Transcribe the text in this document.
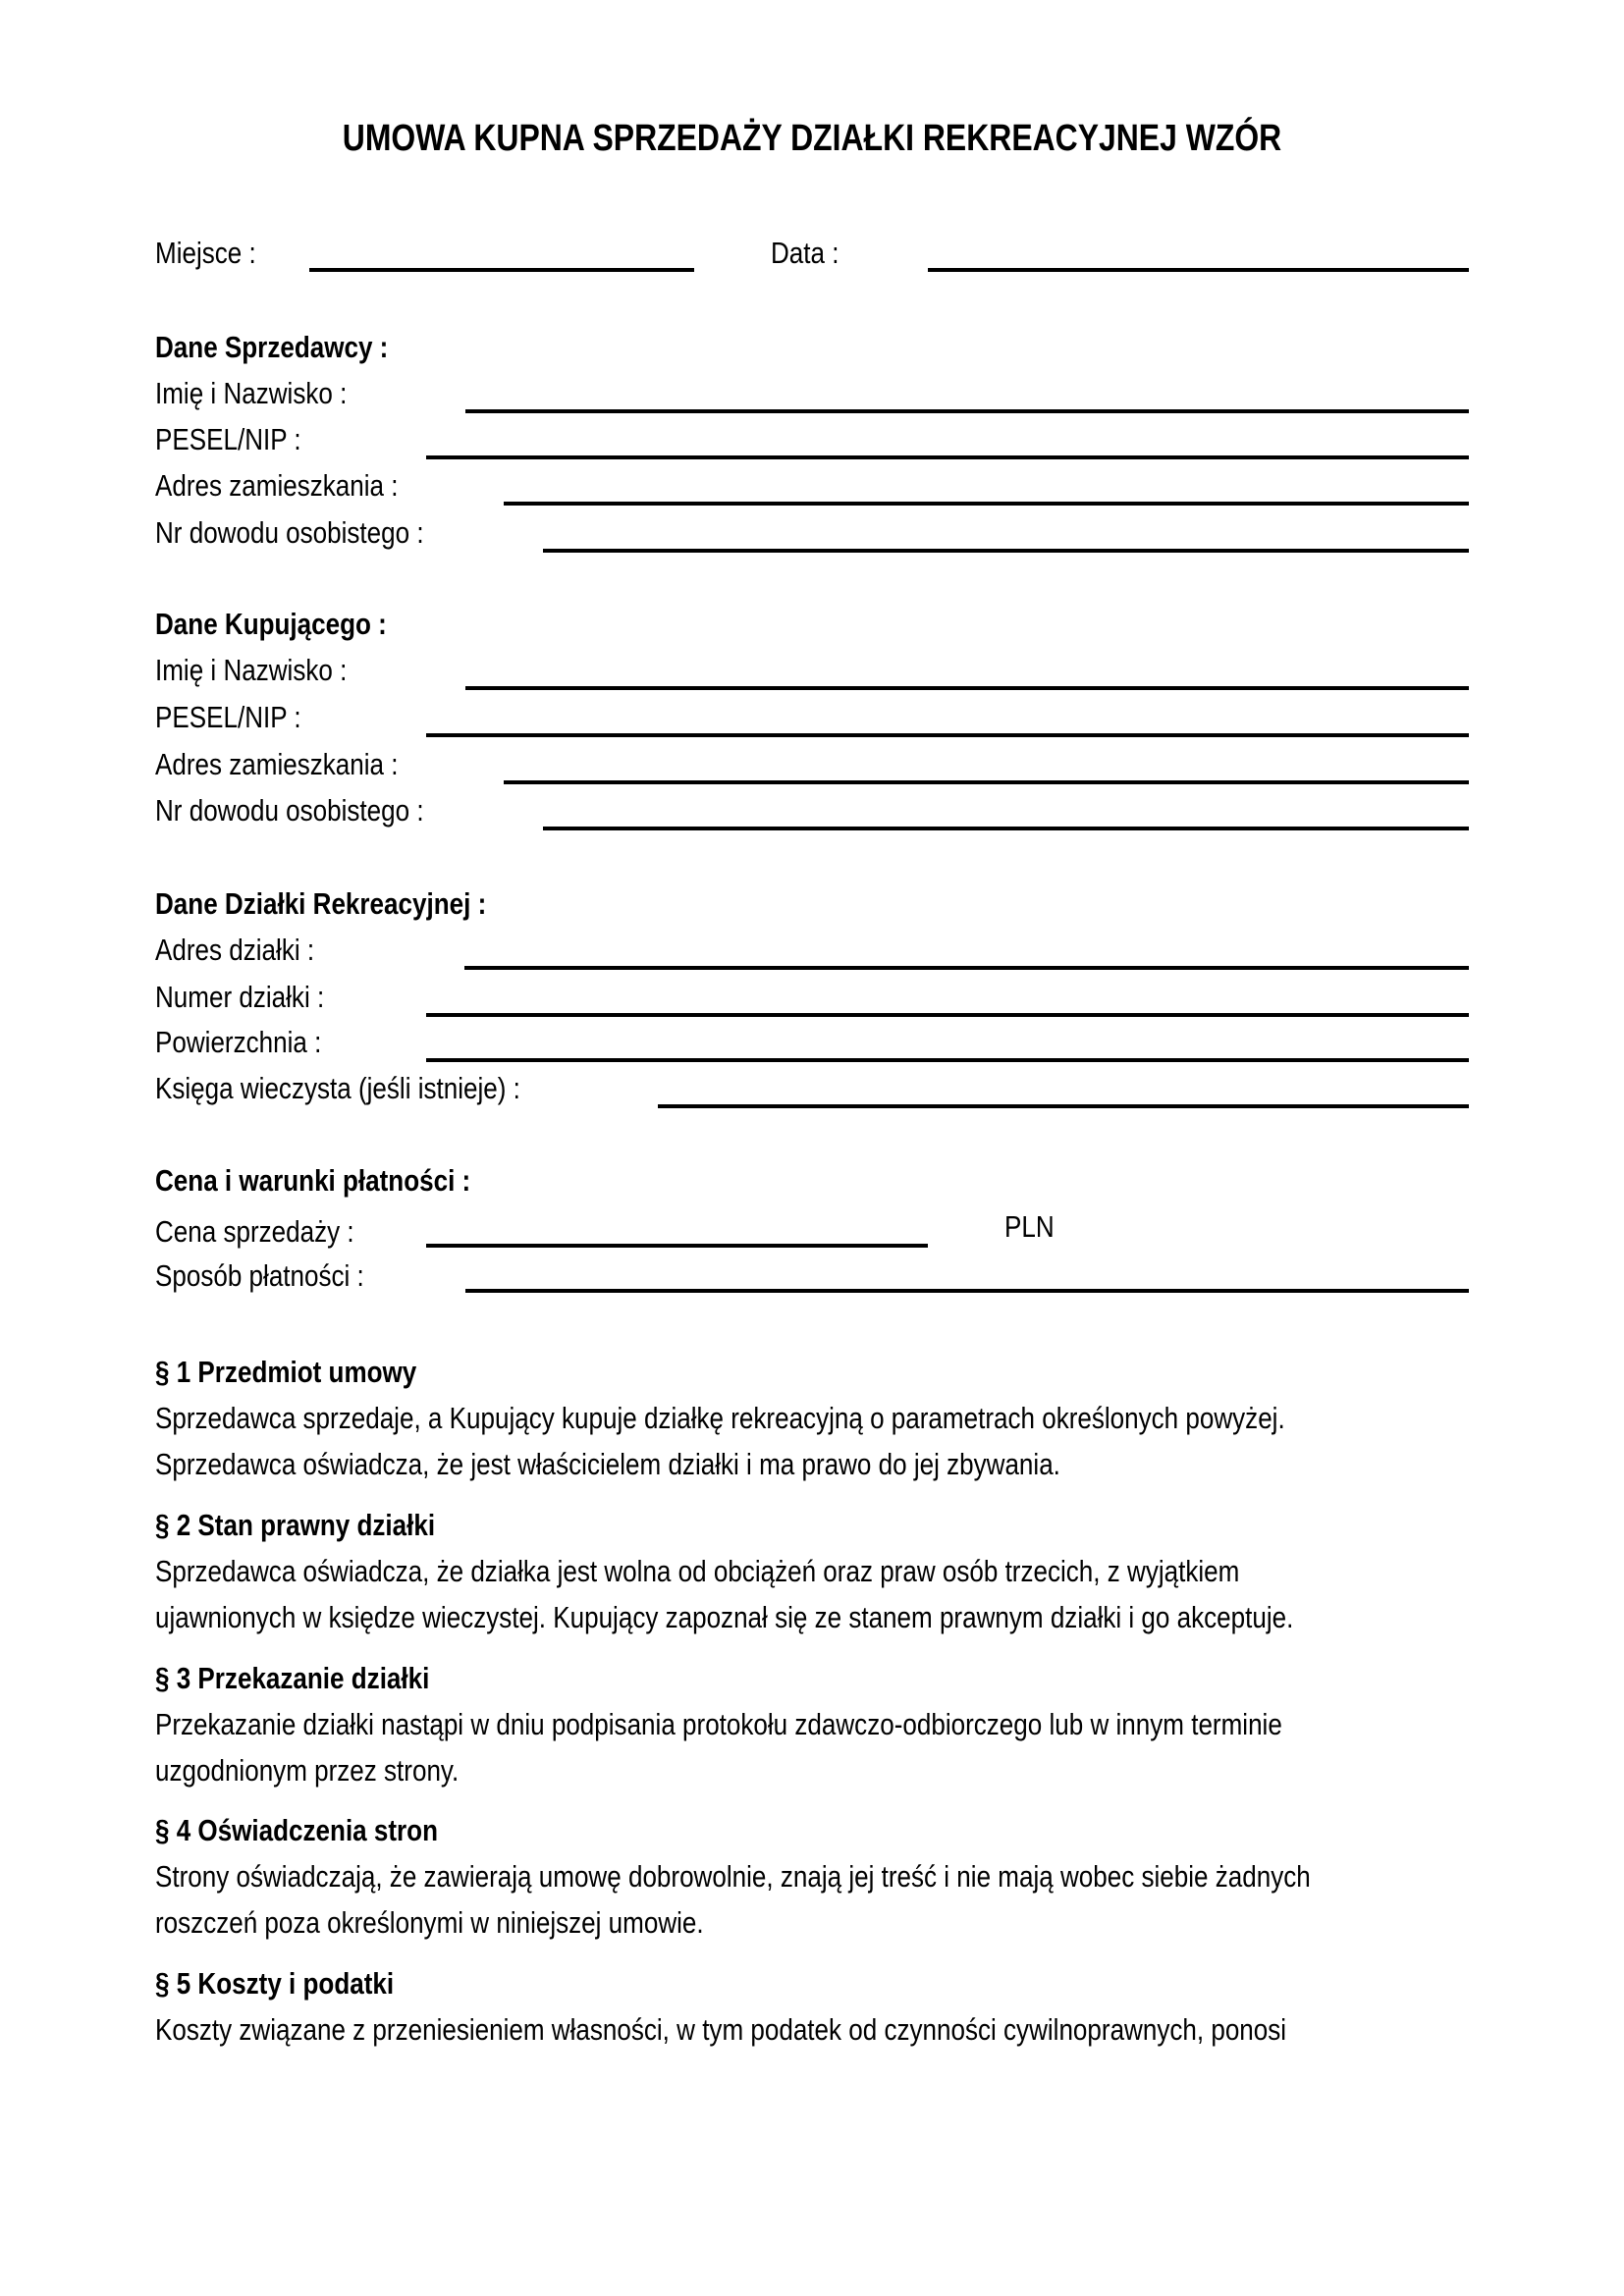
UMOWA KUPNA SPRZEDAŻY DZIAŁKI REKREACYJNEJ WZÓR
Miejsce :	Data :
Dane Sprzedawcy :
Imię i Nazwisko :
PESEL/NIP :
Adres zamieszkania :
Nr dowodu osobistego :
Dane Kupującego :
Imię i Nazwisko :
PESEL/NIP :
Adres zamieszkania :
Nr dowodu osobistego :
Dane Działki Rekreacyjnej :
Adres działki :
Numer działki :
Powierzchnia :
Księga wieczysta (jeśli istnieje) :
Cena i warunki płatności :
Cena sprzedaży :	PLN
Sposób płatności :
§ 1 Przedmiot umowy
Sprzedawca sprzedaje, a Kupujący kupuje działkę rekreacyjną o parametrach określonych powyżej.
Sprzedawca oświadcza, że jest właścicielem działki i ma prawo do jej zbywania.
§ 2 Stan prawny działki
Sprzedawca oświadcza, że działka jest wolna od obciążeń oraz praw osób trzecich, z wyjątkiem
ujawnionych w księdze wieczystej. Kupujący zapoznał się ze stanem prawnym działki i go akceptuje.
§ 3 Przekazanie działki
Przekazanie działki nastąpi w dniu podpisania protokołu zdawczo-odbiorczego lub w innym terminie
uzgodnionym przez strony.
§ 4 Oświadczenia stron
Strony oświadczają, że zawierają umowę dobrowolnie, znają jej treść i nie mają wobec siebie żadnych
roszczeń poza określonymi w niniejszej umowie.
§ 5 Koszty i podatki
Koszty związane z przeniesieniem własności, w tym podatek od czynności cywilnoprawnych, ponosi
